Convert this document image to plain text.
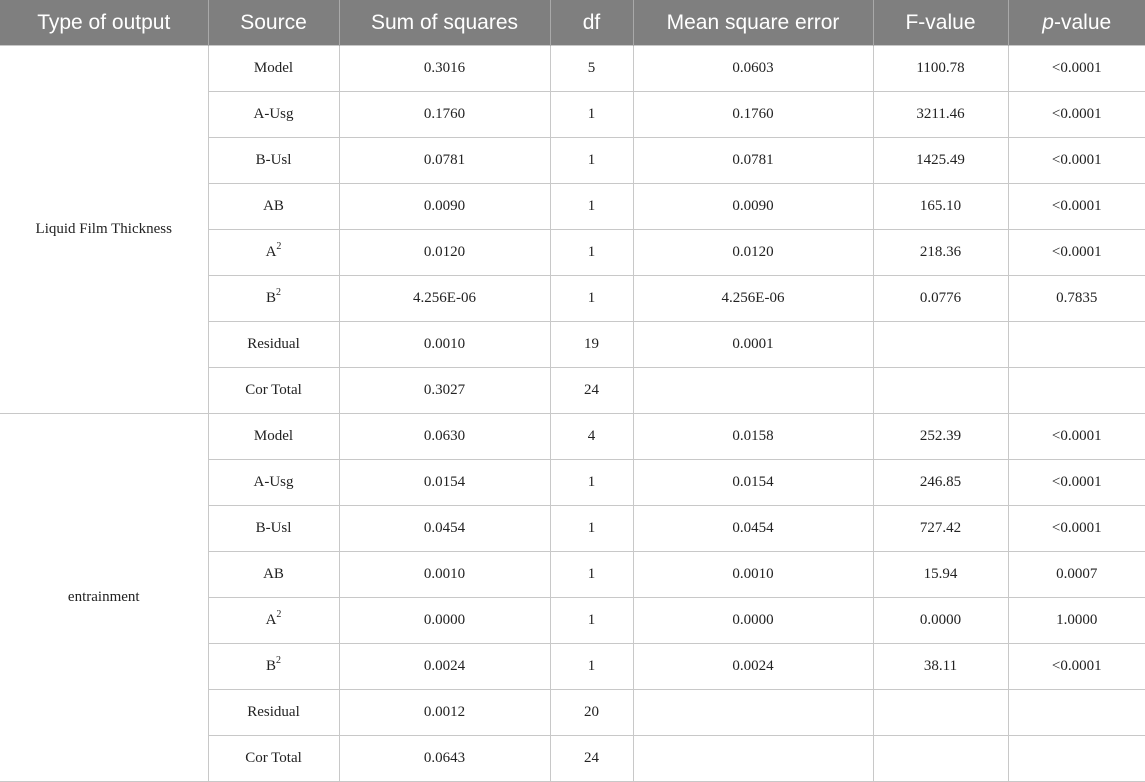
Type of output	Source	Sum of squares	df	Mean square error	F-value	p-value
Liquid Film Thickness	Model	0.3016	5	0.0603	1100.78	<0.0001
	A-Usg	0.1760	1	0.1760	3211.46	<0.0001
	B-Usl	0.0781	1	0.0781	1425.49	<0.0001
	AB	0.0090	1	0.0090	165.10	<0.0001
	$A^2$	0.0120	1	0.0120	218.36	<0.0001
	$B^2$	4.256E-06	1	4.256E-06	0.0776	0.7835
	Residual	0.0010	19	0.0001		
	Cor Total	0.3027	24			
entrainment	Model	0.0630	4	0.0158	252.39	<0.0001
	A-Usg	0.0154	1	0.0154	246.85	<0.0001
	B-Usl	0.0454	1	0.0454	727.42	<0.0001
	AB	0.0010	1	0.0010	15.94	0.0007
	$A^2$	0.0000	1	0.0000	0.0000	1.0000
	$B^2$	0.0024	1	0.0024	38.11	<0.0001
	Residual	0.0012	20			
	Cor Total	0.0643	24			
